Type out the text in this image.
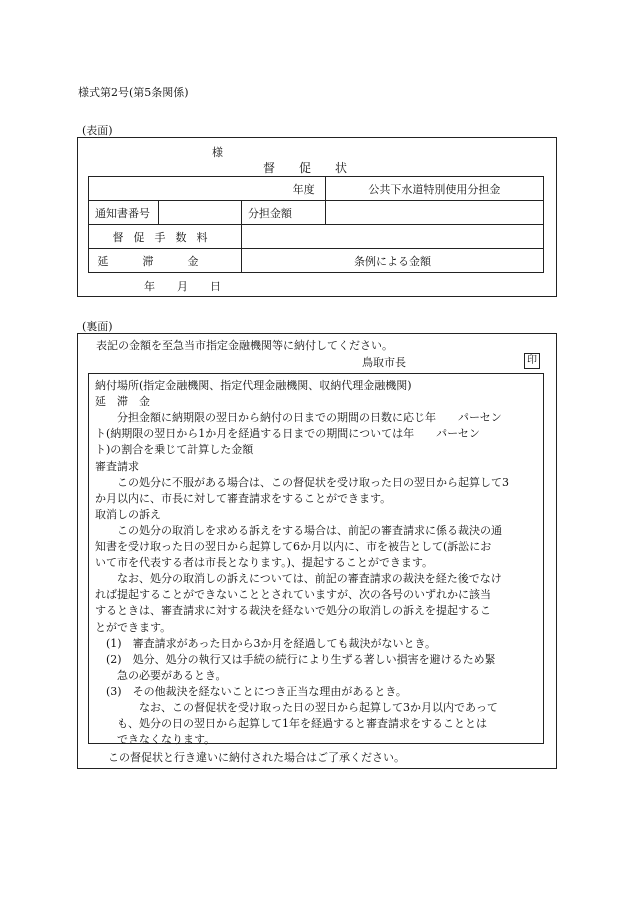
様式第2号(第5条関係)
(表面)
様
督　　促　　状
年度			公共下水道特別使用分担金
通知書番号		分担金額	
督促手数料			
延滞金		条例による金額	
年　　月　　日
(裏面)
表記の金額を至急当市指定金融機関等に納付してください。
鳥取市長	印
納付場所(指定金融機関、指定代理金融機関、収納代理金融機関)
延　滞　金
　　分担金額に納期限の翌日から納付の日までの期間の日数に応じ年　　パーセン
ト(納期限の翌日から1か月を経過する日までの期間については年　　パーセン
ト)の割合を乗じて計算した金額
審査請求
　　この処分に不服がある場合は、この督促状を受け取った日の翌日から起算して3
か月以内に、市長に対して審査請求をすることができます。
取消しの訴え
　　この処分の取消しを求める訴えをする場合は、前記の審査請求に係る裁決の通
知書を受け取った日の翌日から起算して6か月以内に、市を被告として(訴訟にお
いて市を代表する者は市長となります。)、提起することができます。
　　なお、処分の取消しの訴えについては、前記の審査請求の裁決を経た後でなけ
れば提起することができないこととされていますが、次の各号のいずれかに該当
するときは、審査請求に対する裁決を経ないで処分の取消しの訴えを提起するこ
とができます。
　(1)　審査請求があった日から3か月を経過しても裁決がないとき。
　(2)　処分、処分の執行又は手続の続行により生ずる著しい損害を避けるため緊
　　急の必要があるとき。
　(3)　その他裁決を経ないことにつき正当な理由があるとき。
　　　　なお、この督促状を受け取った日の翌日から起算して3か月以内であって
　　も、処分の日の翌日から起算して1年を経過すると審査請求をすることとは
　　できなくなります。
この督促状と行き違いに納付された場合はご了承ください。
